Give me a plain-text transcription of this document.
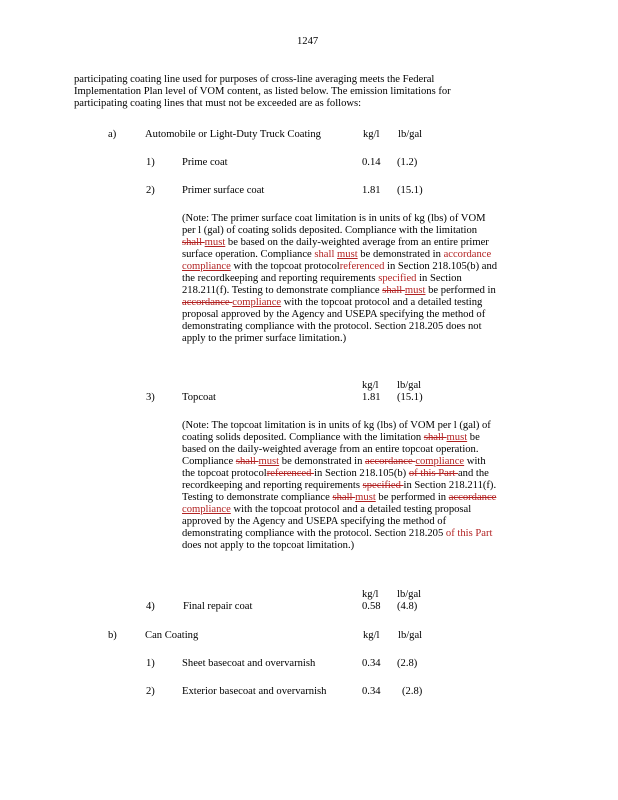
1247
participating coating line used for purposes of cross-line averaging meets the Federal
Implementation Plan level of VOM content, as listed below. The emission limitations for
participating coating lines that must not be exceeded are as follows:
a)	Automobile or Light-Duty Truck Coating	kg/l lb/gal
1)	Prime coat	0.14 (1.2)
2)	Primer surface coat	1.81 (15.1)
(Note: The primer surface coat limitation is in units of kg (lbs) of VOM
per l (gal) of coating solids deposited. Compliance with the limitation
shall must be based on the daily-weighted average from an entire primer
surface operation. Compliance shall must be demonstrated in accordance
compliance with the topcoat protocolreferenced in Section 218.105(b) and
the recordkeeping and reporting requirements specified in Section
218.211(f). Testing to demonstrate compliance shall must be performed in
accordance compliance with the topcoat protocol and a detailed testing
proposal approved by the Agency and USEPA specifying the method of
demonstrating compliance with the protocol. Section 218.205 does not
apply to the primer surface limitation.)
kg/l lb/gal
3)	Topcoat	1.81 (15.1)
(Note: The topcoat limitation is in units of kg (lbs) of VOM per l (gal) of
coating solids deposited. Compliance with the limitation shall must be
based on the daily-weighted average from an entire topcoat operation.
Compliance shall must be demonstrated in accordance compliance with
the topcoat protocolreferenced in Section 218.105(b) of this Part and the
recordkeeping and reporting requirements specified in Section 218.211(f).
Testing to demonstrate compliance shall must be performed in accordance
compliance with the topcoat protocol and a detailed testing proposal
approved by the Agency and USEPA specifying the method of
demonstrating compliance with the protocol. Section 218.205 of this Part
does not apply to the topcoat limitation.)
kg/l lb/gal
4)	Final repair coat	0.58 (4.8)
b)	Can Coating	kg/l lb/gal
1)	Sheet basecoat and overvarnish	0.34 (2.8)
2)	Exterior basecoat and overvarnish	0.34 (2.8)
